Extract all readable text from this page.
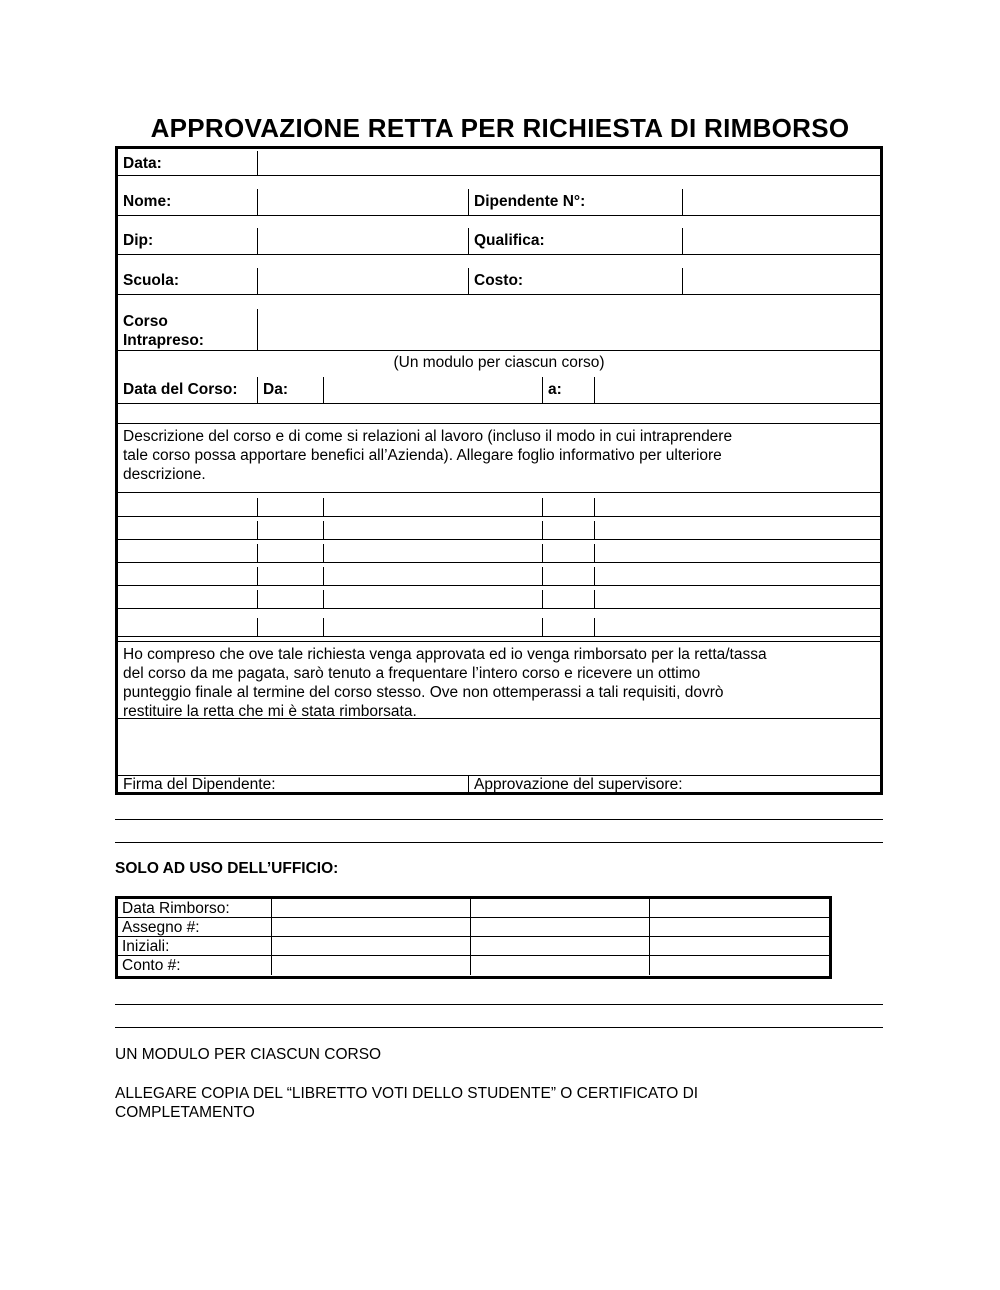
APPROVAZIONE RETTA PER RICHIESTA DI RIMBORSO
Data:
Nome:	Dipendente N°:
Dip:	Qualifica:
Scuola:	Costo:
Corso Intrapreso:
(Un modulo per ciascun corso)
Data del Corso:	Da:	a:
Descrizione del corso e di come si relazioni al lavoro (incluso il modo in cui intraprendere
tale corso possa apportare benefici all’Azienda). Allegare foglio informativo per ulteriore
descrizione.
Ho compreso che ove tale richiesta venga approvata ed io venga rimborsato per la retta/tassa
del corso da me pagata, sarò tenuto a frequentare l’intero corso e ricevere un ottimo
punteggio finale al termine del corso stesso. Ove non ottemperassi a tali requisiti, dovrò
restituire la retta che mi è stata rimborsata.
Firma del Dipendente:	Approvazione del supervisore:
SOLO AD USO DELL’UFFICIO:
Data Rimborso:
Assegno #:
Iniziali:
Conto #:
UN MODULO PER CIASCUN CORSO
ALLEGARE COPIA DEL “LIBRETTO VOTI DELLO STUDENTE” O CERTIFICATO DI
COMPLETAMENTO
